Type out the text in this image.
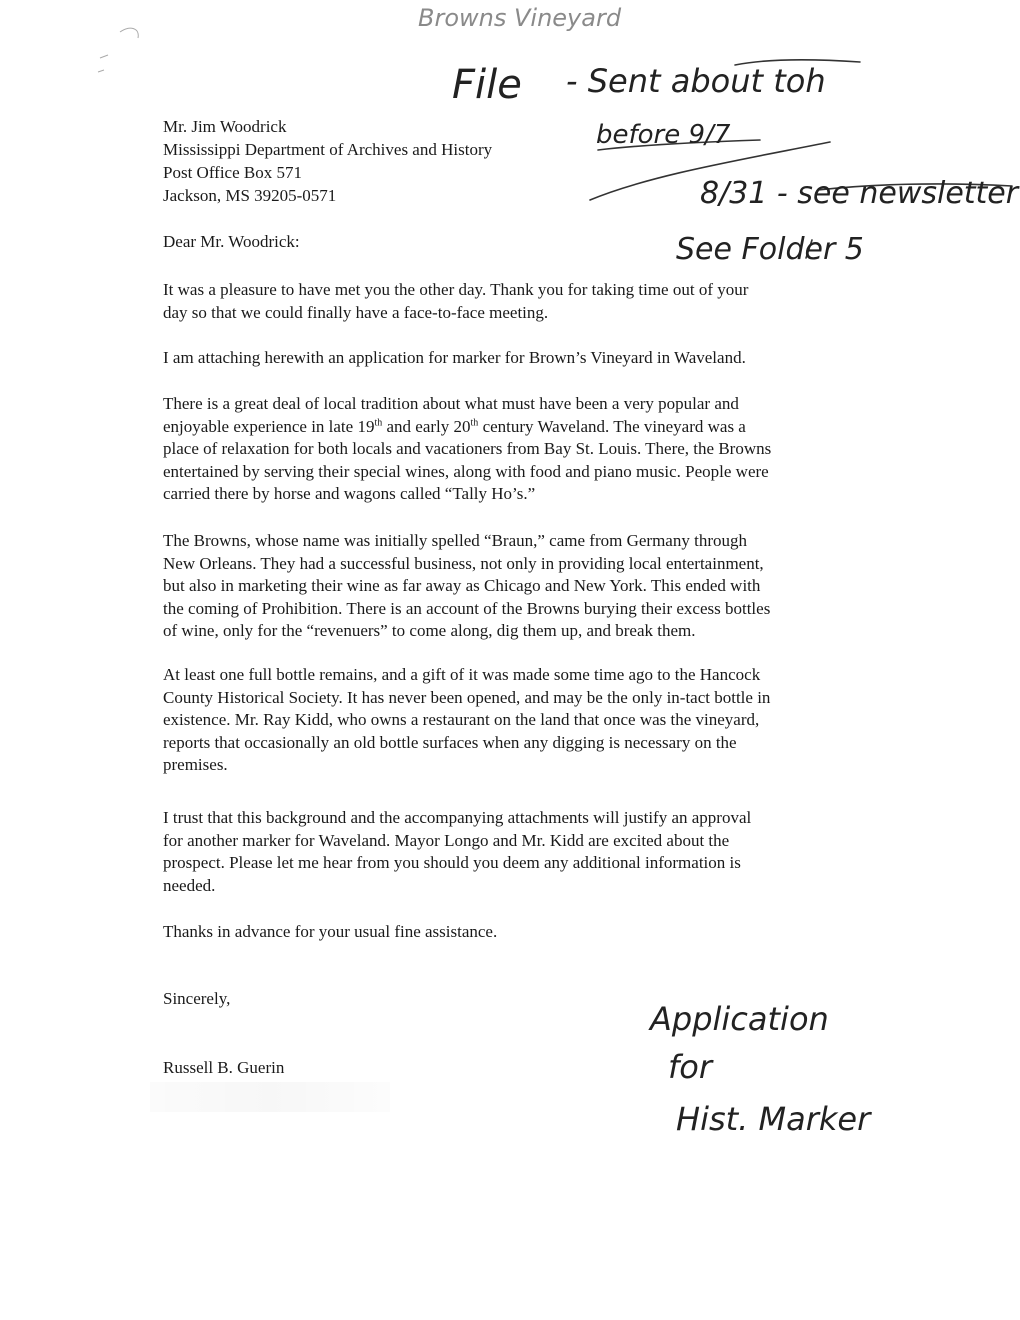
Browns Vineyard
File - Sent about toh
before 9/7
8/31 - see newsletter
See Folder 5
Mr. Jim Woodrick
Mississippi Department of Archives and History
Post Office Box 571
Jackson, MS 39205-0571
Dear Mr. Woodrick:

It was a pleasure to have met you the other day. Thank you for taking time out of your

day so that we could finally have a face-to-face meeting.

I am attaching herewith an application for marker for Brown’s Vineyard in Waveland.

There is a great deal of local tradition about what must have been a very popular and

enjoyable experience in late 19th and early 20th century Waveland. The vineyard was a

place of relaxation for both locals and vacationers from Bay St. Louis. There, the Browns

entertained by serving their special wines, along with food and piano music. People were

carried there by horse and wagons called “Tally Ho’s.”

The Browns, whose name was initially spelled “Braun,” came from Germany through

New Orleans. They had a successful business, not only in providing local entertainment,

but also in marketing their wine as far away as Chicago and New York. This ended with

the coming of Prohibition. There is an account of the Browns burying their excess bottles

of wine, only for the “revenuers” to come along, dig them up, and break them.

At least one full bottle remains, and a gift of it was made some time ago to the Hancock

County Historical Society. It has never been opened, and may be the only in-tact bottle in

existence. Mr. Ray Kidd, who owns a restaurant on the land that once was the vineyard,

reports that occasionally an old bottle surfaces when any digging is necessary on the

premises.

I trust that this background and the accompanying attachments will justify an approval

for another marker for Waveland. Mayor Longo and Mr. Kidd are excited about the

prospect. Please let me hear from you should you deem any additional information is

needed.

Thanks in advance for your usual fine assistance.

Sincerely,
Russell B. Guerin
Application
for
Hist. Marker
